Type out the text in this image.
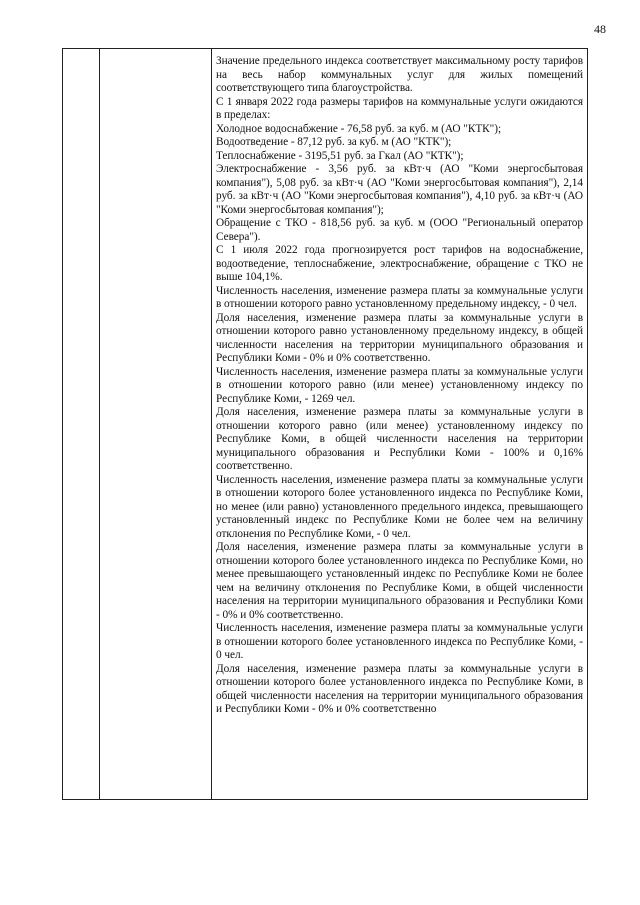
48

Значение предельного индекса соответствует максимальному росту тарифов на весь набор коммунальных услуг для жилых помещений соответствующего типа благоустройства.

С 1 января 2022 года размеры тарифов на коммунальные услуги ожидаются в пределах:

Холодное водоснабжение - 76,58 руб. за куб. м (АО "КТК");

Водоотведение - 87,12 руб. за куб. м (АО "КТК");

Теплоснабжение - 3195,51 руб. за Гкал (АО "КТК");

Электроснабжение - 3,56 руб. за кВт·ч (АО "Коми энергосбытовая компания"), 5,08 руб. за кВт·ч (АО "Коми энергосбытовая компания"), 2,14 руб. за кВт·ч (АО "Коми энергосбытовая компания"), 4,10 руб. за кВт·ч (АО "Коми энергосбытовая компания");

Обращение с ТКО - 818,56 руб. за куб. м (ООО "Региональный оператор Севера").

С 1 июля 2022 года прогнозируется рост тарифов на водоснабжение, водоотведение, теплоснабжение, электроснабжение, обращение с ТКО не выше 104,1%.

Численность населения, изменение размера платы за коммунальные услуги в отношении которого равно установленному предельному индексу, - 0 чел.

Доля населения, изменение размера платы за коммунальные услуги в отношении которого равно установленному предельному индексу, в общей численности населения на территории муниципального образования и Республики Коми - 0% и 0% соответственно.

Численность населения, изменение размера платы за коммунальные услуги в отношении которого равно (или менее) установленному индексу по Республике Коми, - 1269 чел.

Доля населения, изменение размера платы за коммунальные услуги в отношении которого равно (или менее) установленному индексу по Республике Коми, в общей численности населения на территории муниципального образования и Республики Коми - 100% и 0,16% соответственно.

Численность населения, изменение размера платы за коммунальные услуги в отношении которого более установленного индекса по Республике Коми, но менее (или равно) установленного предельного индекса, превышающего установленный индекс по Республике Коми не более чем на величину отклонения по Республике Коми, - 0 чел.

Доля населения, изменение размера платы за коммунальные услуги в отношении которого более установленного индекса по Республике Коми, но менее превышающего установленный индекс по Республике Коми не более чем на величину отклонения по Республике Коми, в общей численности населения на территории муниципального образования и Республики Коми - 0% и 0% соответственно.

Численность населения, изменение размера платы за коммунальные услуги в отношении которого более установленного индекса по Республике Коми, - 0 чел.

Доля населения, изменение размера платы за коммунальные услуги в отношении которого более установленного индекса по Республике Коми, в общей численности населения на территории муниципального образования и Республики Коми - 0% и 0% соответственно
